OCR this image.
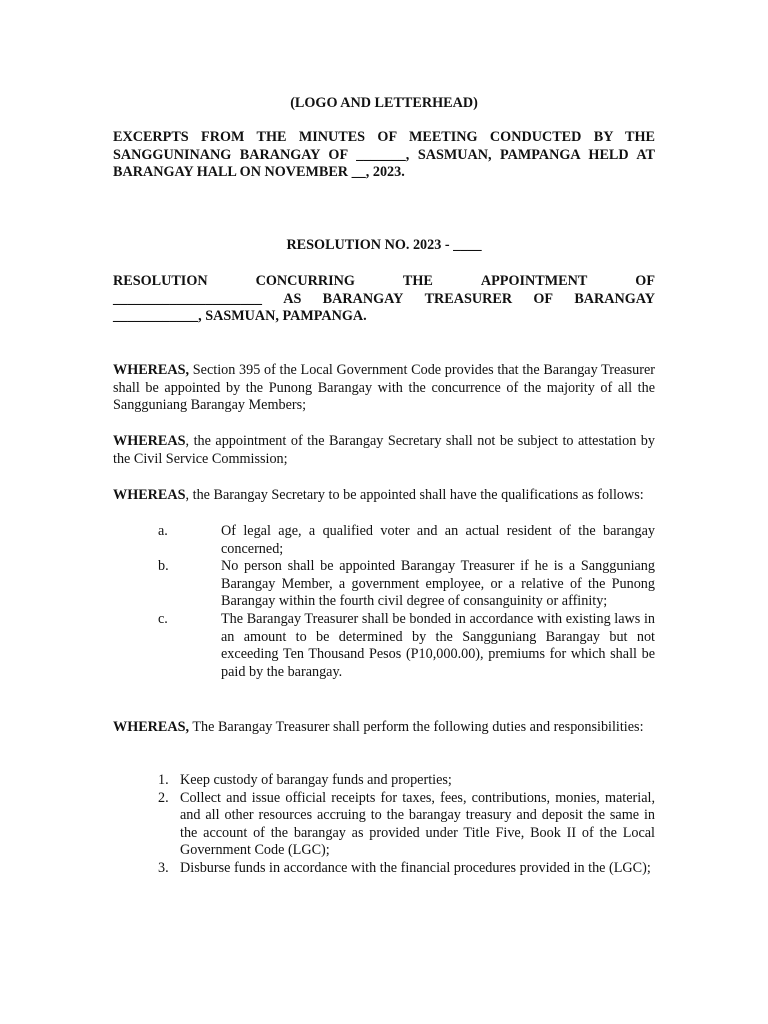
(LOGO AND LETTERHEAD)
EXCERPTS FROM THE MINUTES OF MEETING CONDUCTED BY THE SANGGUNINANG BARANGAY OF _______, SASMUAN, PAMPANGA HELD AT BARANGAY HALL ON NOVEMBER __, 2023.
RESOLUTION NO. 2023 - ____
RESOLUTION	CONCURRING	THE	APPOINTMENT	OF
_____________________ AS BARANGAY TREASURER OF BARANGAY
____________, SASMUAN, PAMPANGA.
WHEREAS, Section 395 of the Local Government Code provides that the Barangay Treasurer shall be appointed by the Punong Barangay with the concurrence of the majority of all the Sangguniang Barangay Members;
WHEREAS, the appointment of the Barangay Secretary shall not be subject to attestation by the Civil Service Commission;
WHEREAS, the Barangay Secretary to be appointed shall have the qualifications as follows:
a.	Of legal age, a qualified voter and an actual resident of the barangay concerned;
b.	No person shall be appointed Barangay Treasurer if he is a Sangguniang Barangay Member, a government employee, or a relative of the Punong Barangay within the fourth civil degree of consanguinity or affinity;
c.	The Barangay Treasurer shall be bonded in accordance with existing laws in an amount to be determined by the Sangguniang Barangay but not exceeding Ten Thousand Pesos (P10,000.00), premiums for which shall be paid by the barangay.
WHEREAS, The Barangay Treasurer shall perform the following duties and responsibilities:
1. Keep custody of barangay funds and properties;
2. Collect and issue official receipts for taxes, fees, contributions, monies, material, and all other resources accruing to the barangay treasury and deposit the same in the account of the barangay as provided under Title Five, Book II of the Local Government Code (LGC);
3. Disburse funds in accordance with the financial procedures provided in the (LGC);
